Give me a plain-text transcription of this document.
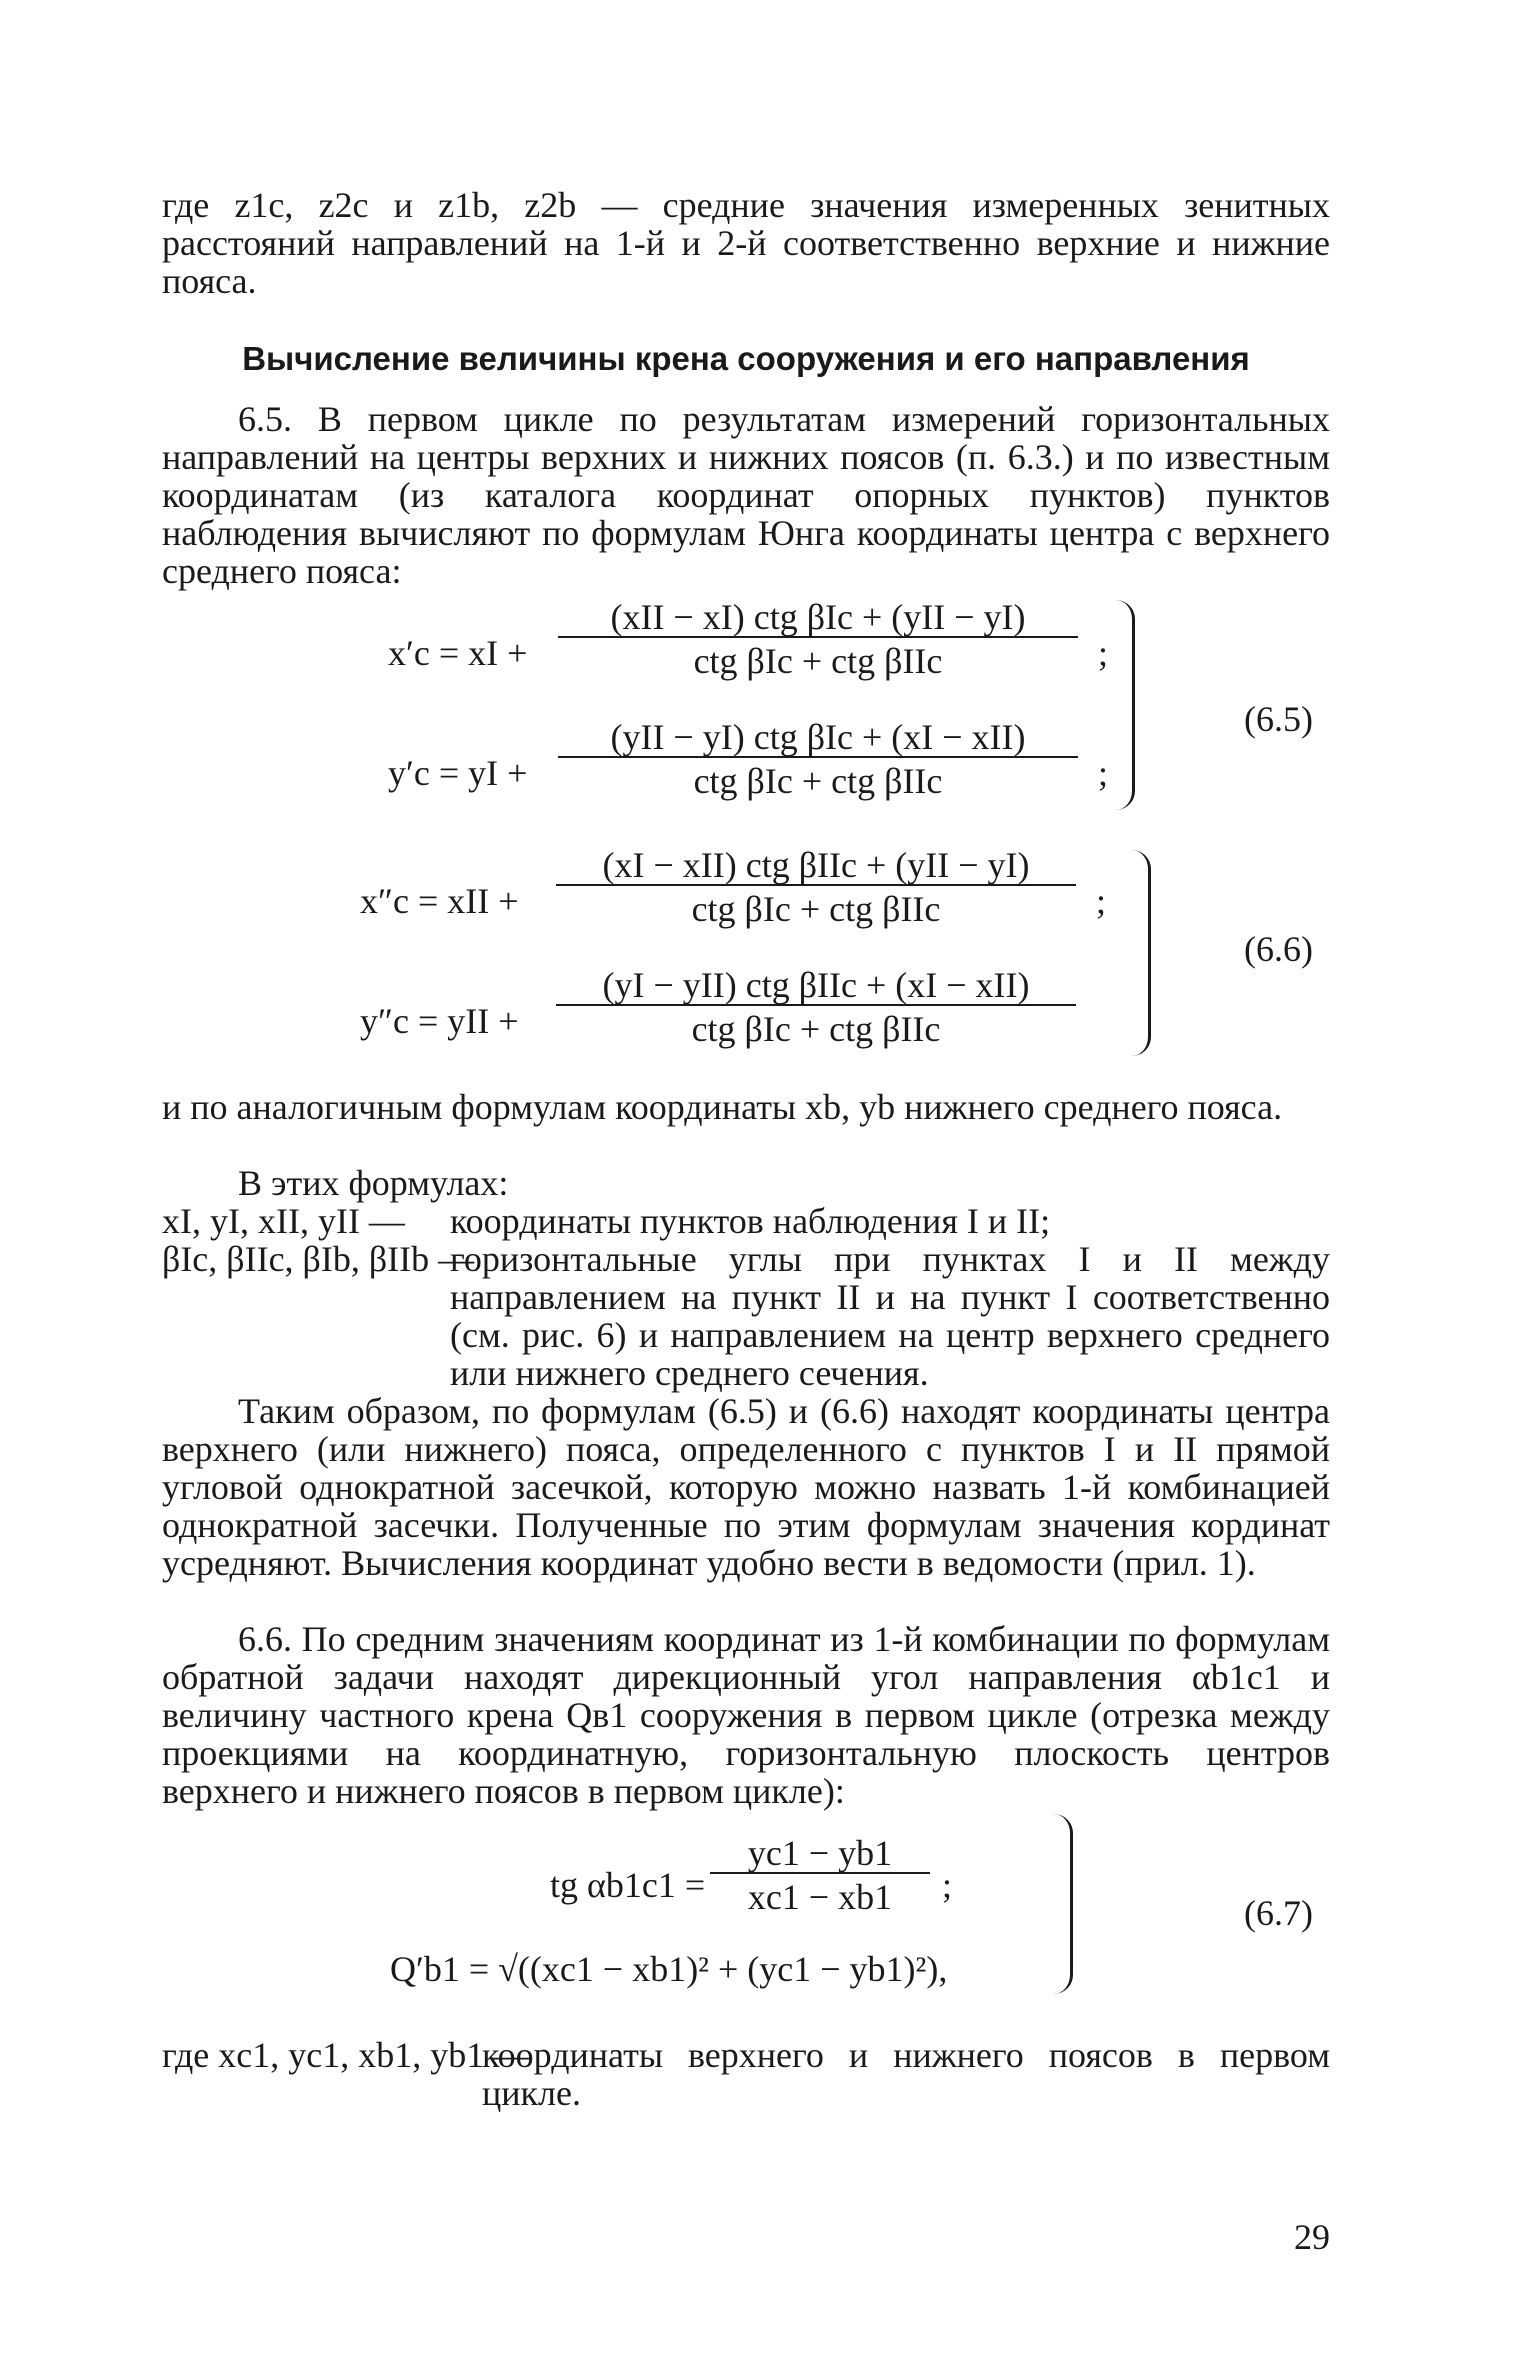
где z1c, z2c и z1b, z2b — средние значения измеренных зенитных расстояний направлений на 1-й и 2-й соответственно верхние и нижние пояса.

Вычисление величины крена сооружения и его направления

6.5. В первом цикле по результатам измерений горизонтальных направлений на центры верхних и нижних поясов (п. 6.3.) и по известным координатам (из каталога координат опорных пунктов) пунктов наблюдения вычисляют по формулам Юнга координаты центра с верхнего среднего пояса:

x′c = xI +
(xII − xI) ctg βIc + (yII − yI)
ctg βIc + ctg βIIc	;
y′c = yI +
(yII − yI) ctg βIc + (xI − xII)
ctg βIc + ctg βIIc	;
(6.5)
x″c = xII +
(xI − xII) ctg βIIc + (yII − yI)
ctg βIc + ctg βIIc	;
y″c = yII +
(yI − yII) ctg βIIc + (xI − xII)
ctg βIc + ctg βIIc
(6.6)

и по аналогичным формулам координаты xb, yb нижнего среднего пояса.

В этих формулах:

xI, yI, xII, yII — координаты пунктов наблюдения I и II;
βIc, βIIc, βIb, βIIb —
горизонтальные углы при пунктах I и II между направлением на пункт II и на пункт I соответственно (см. рис. 6) и направлением на центр верхнего среднего или нижнего среднего сечения.

Таким образом, по формулам (6.5) и (6.6) находят координаты центра верхнего (или нижнего) пояса, определенного с пунктов I и II прямой угловой однократной засечкой, которую можно назвать 1-й комбинацией однократной засечки. Полученные по этим формулам значения кординат усредняют. Вычисления координат удобно вести в ведомости (прил. 1).

6.6. По средним значениям координат из 1-й комбинации по формулам обратной задачи находят дирекционный угол направления αb1c1 и величину частного крена Qв1 сооружения в первом цикле (отрезка между проекциями на координатную, горизонтальную плоскость центров верхнего и нижнего поясов в первом цикле):

tg αb1c1 =
yc1 − yb1
xc1 − xb1	;
Q′b1 = √((xc1 − xb1)² + (yc1 − yb1)²),
(6.7)
где xc1, yc1, xb1, yb1 —
координаты верхнего и нижнего поясов в первом цикле.
29
